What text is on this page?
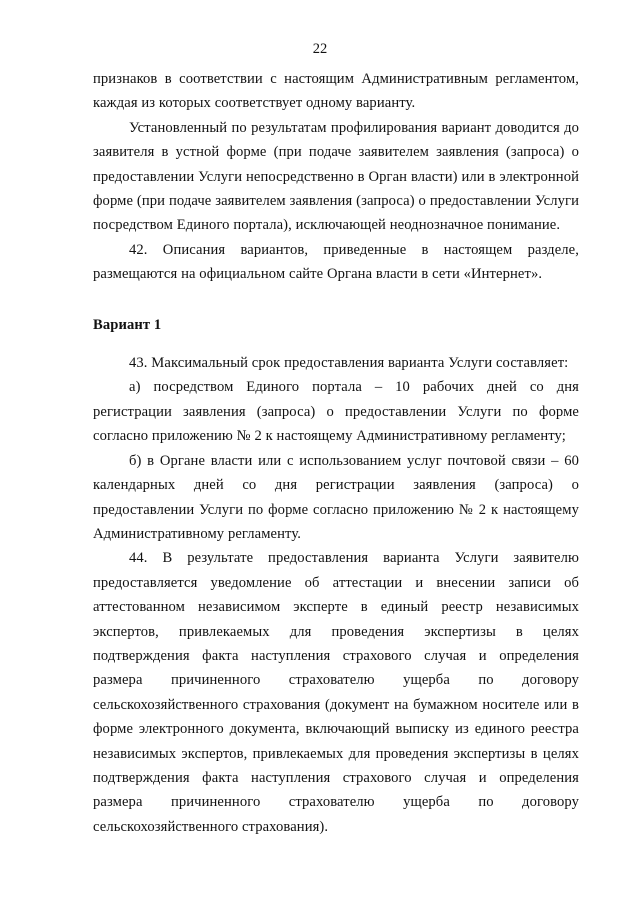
22

признаков в соответствии с настоящим Административным регламентом, каждая из которых соответствует одному варианту.

Установленный по результатам профилирования вариант доводится до заявителя в устной форме (при подаче заявителем заявления (запроса) о предоставлении Услуги непосредственно в Орган власти) или в электронной форме (при подаче заявителем заявления (запроса) о предоставлении Услуги посредством Единого портала), исключающей неоднозначное понимание.

42. Описания вариантов, приведенные в настоящем разделе, размещаются на официальном сайте Органа власти в сети «Интернет».

Вариант 1

43. Максимальный срок предоставления варианта Услуги составляет:

а) посредством Единого портала – 10 рабочих дней со дня регистрации заявления (запроса) о предоставлении Услуги по форме согласно приложению № 2 к настоящему Административному регламенту;

б) в Органе власти или с использованием услуг почтовой связи – 60 календарных дней со дня регистрации заявления (запроса) о предоставлении Услуги по форме согласно приложению № 2 к настоящему Административному регламенту.

44. В результате предоставления варианта Услуги заявителю предоставляется уведомление об аттестации и внесении записи об аттестованном независимом эксперте в единый реестр независимых экспертов, привлекаемых для проведения экспертизы в целях подтверждения факта наступления страхового случая и определения размера причиненного страхователю ущерба по договору сельскохозяйственного страхования (документ на бумажном носителе или в форме электронного документа, включающий выписку из единого реестра независимых экспертов, привлекаемых для проведения экспертизы в целях подтверждения факта наступления страхового случая и определения размера причиненного страхователю ущерба по договору сельскохозяйственного страхования).
